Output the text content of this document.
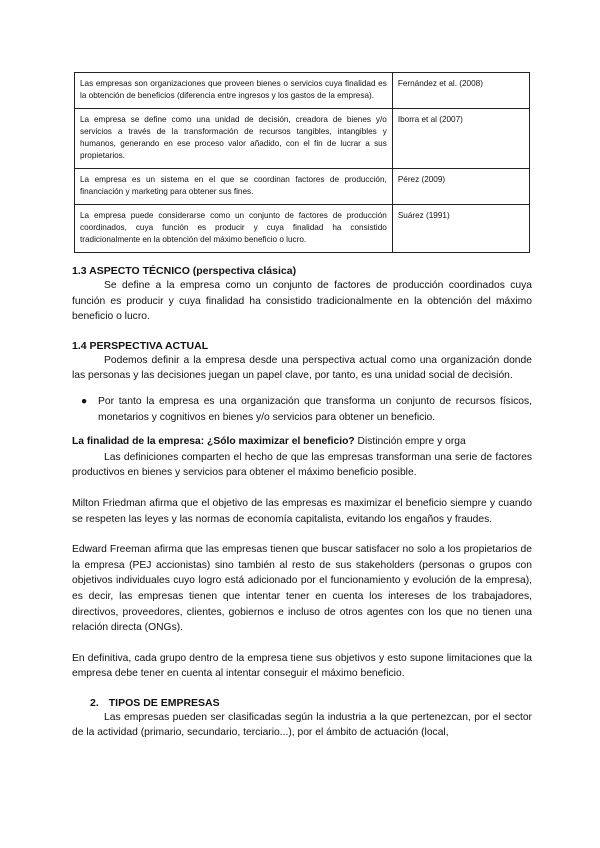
Las empresas son organizaciones que proveen bienes o servicios cuya finalidad es la obtención de beneficios (diferencia entre ingresos y los gastos de la empresa).	Fernández et al. (2008)
La empresa se define como una unidad de decisión, creadora de bienes y/o servicios a través de la transformación de recursos tangibles, intangibles y humanos, generando en ese proceso valor añadido, con el fin de lucrar a sus propietarios.	Iborra et al (2007)
La empresa es un sistema en el que se coordinan factores de producción, financiación y marketing para obtener sus fines.	Pérez (2009)
La empresa puede considerarse como un conjunto de factores de producción coordinados, cuya función es producir y cuya finalidad ha consistido tradicionalmente en la obtención del máximo beneficio o lucro.	Suárez (1991)
1.3 ASPECTO TÉCNICO (perspectiva clásica)

Se define a la empresa como un conjunto de factores de producción coordinados cuya función es producir y cuya finalidad ha consistido tradicionalmente en la obtención del máximo beneficio o lucro.

1.4 PERSPECTIVA ACTUAL

Podemos definir a la empresa desde una perspectiva actual como una organización donde las personas y las decisiones juegan un papel clave, por tanto, es una unidad social de decisión.

● Por tanto la empresa es una organización que transforma un conjunto de recursos físicos, monetarios y cognitivos en bienes y/o servicios para obtener un beneficio.

La finalidad de la empresa: ¿Sólo maximizar el beneficio? Distinción empre y orga

Las definiciones comparten el hecho de que las empresas transforman una serie de factores productivos en bienes y servicios para obtener el máximo beneficio posible.

Milton Friedman afirma que el objetivo de las empresas es maximizar el beneficio siempre y cuando se respeten las leyes y las normas de economía capitalista, evitando los engaños y fraudes.

Edward Freeman afirma que las empresas tienen que buscar satisfacer no solo a los propietarios de la empresa (PEJ accionistas) sino también al resto de sus stakeholders (personas o grupos con objetivos individuales cuyo logro está adicionado por el funcionamiento y evolución de la empresa), es decir, las empresas tienen que intentar tener en cuenta los intereses de los trabajadores, directivos, proveedores, clientes, gobiernos e incluso de otros agentes con los que no tienen una relación directa (ONGs).

En definitiva, cada grupo dentro de la empresa tiene sus objetivos y esto supone limitaciones que la empresa debe tener en cuenta al intentar conseguir el máximo beneficio.

2. TIPOS DE EMPRESAS

Las empresas pueden ser clasificadas según la industria a la que pertenezcan, por el sector de la actividad (primario, secundario, terciario...), por el ámbito de actuación (local,
